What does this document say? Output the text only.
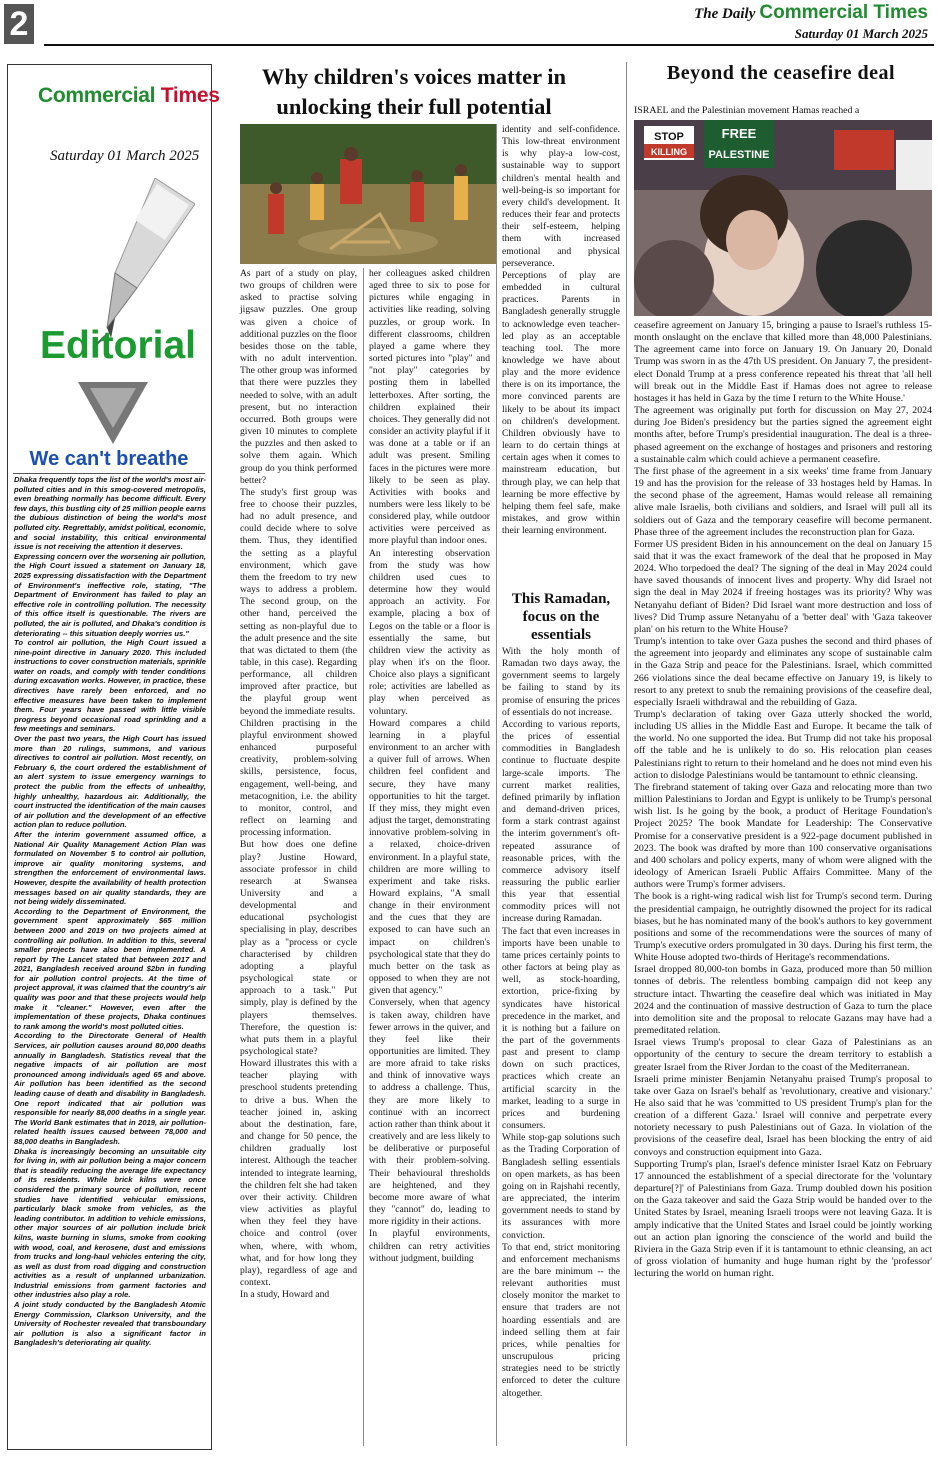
2	The Daily Commercial Times
Saturday 01 March 2025
Commercial Times
Saturday 01 March 2025
Editorial
We can't breathe

Dhaka frequently tops the list of the world's most air-polluted cities and in this smog-covered metropolis, even breathing normally has become difficult. Every few days, this bustling city of 25 million people earns the dubious distinction of being the world's most polluted city. Regrettably, amidst political, economic, and social instability, this critical environmental issue is not receiving the attention it deserves.

Expressing concern over the worsening air pollution, the High Court issued a statement on January 18, 2025 expressing dissatisfaction with the Department of Environment's ineffective role, stating, "The Department of Environment has failed to play an effective role in controlling pollution. The necessity of this office itself is questionable. The rivers are polluted, the air is polluted, and Dhaka's condition is deteriorating -- this situation deeply worries us."

To control air pollution, the High Court issued a nine-point directive in January 2020. This included instructions to cover construction materials, sprinkle water on roads, and comply with tender conditions during excavation works. However, in practice, these directives have rarely been enforced, and no effective measures have been taken to implement them. Four years have passed with little visible progress beyond occasional road sprinkling and a few meetings and seminars.

Over the past two years, the High Court has issued more than 20 rulings, summons, and various directives to control air pollution. Most recently, on February 6, the court ordered the establishment of an alert system to issue emergency warnings to protect the public from the effects of unhealthy, highly unhealthy, hazardous air. Additionally, the court instructed the identification of the main causes of air pollution and the development of an effective action plan to reduce pollution.

After the interim government assumed office, a National Air Quality Management Action Plan was formulated on November 5 to control air pollution, improve air quality monitoring systems, and strengthen the enforcement of environmental laws. However, despite the availability of health protection messages based on air quality standards, they are not being widely disseminated.

According to the Department of Environment, the government spent approximately $65 million between 2000 and 2019 on two projects aimed at controlling air pollution. In addition to this, several smaller projects have also been implemented. A report by The Lancet stated that between 2017 and 2021, Bangladesh received around $2bn in funding for air pollution control projects. At the time of project approval, it was claimed that the country's air quality was poor and that these projects would help make it "cleaner." However, even after the implementation of these projects, Dhaka continues to rank among the world's most polluted cities.

According to the Directorate General of Health Services, air pollution causes around 80,000 deaths annually in Bangladesh. Statistics reveal that the negative impacts of air pollution are most pronounced among individuals aged 65 and above. Air pollution has been identified as the second leading cause of death and disability in Bangladesh. One report indicated that air pollution was responsible for nearly 88,000 deaths in a single year. The World Bank estimates that in 2019, air pollution-related health issues caused between 78,000 and 88,000 deaths in Bangladesh.

Dhaka is increasingly becoming an unsuitable city for living in, with air pollution being a major concern that is steadily reducing the average life expectancy of its residents. While brick kilns were once considered the primary source of pollution, recent studies have identified vehicular emissions, particularly black smoke from vehicles, as the leading contributor. In addition to vehicle emissions, other major sources of air pollution include brick kilns, waste burning in slums, smoke from cooking with wood, coal, and kerosene, dust and emissions from trucks and long-haul vehicles entering the city, as well as dust from road digging and construction activities as a result of unplanned urbanization. Industrial emissions from garment factories and other industries also play a role.

A joint study conducted by the Bangladesh Atomic Energy Commission, Clarkson University, and the University of Rochester revealed that transboundary air pollution is also a significant factor in Bangladesh's deteriorating air quality.

Why children's voices matter in unlocking their full potential

As part of a study on play, two groups of children were asked to practise solving jigsaw puzzles. One group was given a choice of additional puzzles on the floor besides those on the table, with no adult intervention. The other group was informed that there were puzzles they needed to solve, with an adult present, but no interaction occurred. Both groups were given 10 minutes to complete the puzzles and then asked to solve them again. Which group do you think performed better?

The study's first group was free to choose their puzzles, had no adult presence, and could decide where to solve them. Thus, they identified the setting as a playful environment, which gave them the freedom to try new ways to address a problem. The second group, on the other hand, perceived the setting as non-playful due to the adult presence and the site that was dictated to them (the table, in this case). Regarding performance, all children improved after practice, but the playful group went beyond the immediate results.

Children practising in the playful environment showed enhanced purposeful creativity, problem-solving skills, persistence, focus, engagement, well-being, and metacognition, i.e. the ability to monitor, control, and reflect on learning and processing information.

But how does one define play? Justine Howard, associate professor in child research at Swansea University and a developmental and educational psychologist specialising in play, describes play as a "process or cycle characterised by children adopting a playful psychological state or approach to a task." Put simply, play is defined by the players themselves. Therefore, the question is: what puts them in a playful psychological state?

Howard illustrates this with a teacher playing with preschool students pretending to drive a bus. When the teacher joined in, asking about the destination, fare, and change for 50 pence, the children gradually lost interest. Although the teacher intended to integrate learning, the children felt she had taken over their activity. Children view activities as playful when they feel they have choice and control (over when, where, with whom, what, and for how long they play), regardless of age and context.

In a study, Howard and

her colleagues asked children aged three to six to pose for pictures while engaging in activities like reading, solving puzzles, or group work. In different classrooms, children played a game where they sorted pictures into "play" and "not play" categories by posting them in labelled letterboxes. After sorting, the children explained their choices. They generally did not consider an activity playful if it was done at a table or if an adult was present. Smiling faces in the pictures were more likely to be seen as play. Activities with books and numbers were less likely to be considered play, while outdoor activities were perceived as more playful than indoor ones.

An interesting observation from the study was how children used cues to determine how they would approach an activity. For example, placing a box of Legos on the table or a floor is essentially the same, but children view the activity as play when it's on the floor. Choice also plays a significant role; activities are labelled as play when perceived as voluntary.

Howard compares a child learning in a playful environment to an archer with a quiver full of arrows. When children feel confident and secure, they have many opportunities to hit the target. If they miss, they might even adjust the target, demonstrating innovative problem-solving in a relaxed, choice-driven environment. In a playful state, children are more willing to experiment and take risks. Howard explains, "A small change in their environment and the cues that they are exposed to can have such an impact on children's psychological state that they do much better on the task as opposed to when they are not given that agency."

Conversely, when that agency is taken away, children have fewer arrows in the quiver, and they feel like their opportunities are limited. They are more afraid to take risks and think of innovative ways to address a challenge. Thus, they are more likely to continue with an incorrect action rather than think about it creatively and are less likely to be deliberative or purposeful with their problem-solving. Their behavioural thresholds are heightened, and they become more aware of what they "cannot" do, leading to more rigidity in their actions.

In playful environments, children can retry activities without judgment, building

identity and self-confidence. This low-threat environment is why play-a low-cost, sustainable way to support children's mental health and well-being-is so important for every child's development. It reduces their fear and protects their self-esteem, helping them with increased emotional and physical perseverance.

Perceptions of play are embedded in cultural practices. Parents in Bangladesh generally struggle to acknowledge even teacher-led play as an acceptable teaching tool. The more knowledge we have about play and the more evidence there is on its importance, the more convinced parents are likely to be about its impact on children's development. Children obviously have to learn to do certain things at certain ages when it comes to mainstream education, but through play, we can help that learning be more effective by helping them feel safe, make mistakes, and grow within their learning environment.

This Ramadan, focus on the essentials

With the holy month of Ramadan two days away, the government seems to largely be failing to stand by its promise of ensuring the prices of essentials do not increase.

According to various reports, the prices of essential commodities in Bangladesh continue to fluctuate despite large-scale imports. The current market realities, defined primarily by inflation and demand-driven prices, form a stark contrast against the interim government's oft-repeated assurance of reasonable prices, with the commerce advisory itself reassuring the public earlier this year that essential commodity prices will not increase during Ramadan.

The fact that even increases in imports have been unable to tame prices certainly points to other factors at being play as well, as stock-hoarding, extortion, price-fixing by syndicates have historical precedence in the market, and it is nothing but a failure on the part of the governments past and present to clamp down on such practices, practices which create an artificial scarcity in the market, leading to a surge in prices and burdening consumers.

While stop-gap solutions such as the Trading Corporation of Bangladesh selling essentials on open markets, as has been going on in Rajshahi recently, are appreciated, the interim government needs to stand by its assurances with more conviction.

To that end, strict monitoring and enforcement mechanisms are the bare minimum -- the relevant authorities must closely monitor the market to ensure that traders are not hoarding essentials and are indeed selling them at fair prices, while penalties for unscrupulous pricing strategies need to be strictly enforced to deter the culture altogether.

Beyond the ceasefire deal
ISRAEL and the Palestinian movement Hamas reached a
STOP
KILLING
FREE
PALESTINE

ceasefire agreement on January 15, bringing a pause to Israel's ruthless 15-month onslaught on the enclave that killed more than 48,000 Palestinians. The agreement came into force on January 19. On January 20, Donald Trump was sworn in as the 47th US president. On January 7, the president-elect Donald Trump at a press conference repeated his threat that 'all hell will break out in the Middle East if Hamas does not agree to release hostages it has held in Gaza by the time I return to the White House.'

The agreement was originally put forth for discussion on May 27, 2024 during Joe Biden's presidency but the parties signed the agreement eight months after, before Trump's presidential inauguration. The deal is a three-phased agreement on the exchange of hostages and prisoners and restoring a sustainable calm which could achieve a permanent ceasefire.

The first phase of the agreement in a six weeks' time frame from January 19 and has the provision for the release of 33 hostages held by Hamas. In the second phase of the agreement, Hamas would release all remaining alive male Israelis, both civilians and soldiers, and Israel will pull all its soldiers out of Gaza and the temporary ceasefire will become permanent. Phase three of the agreement includes the reconstruction plan for Gaza.

Former US president Biden in his announcement on the deal on January 15 said that it was the exact framework of the deal that he proposed in May 2024. Who torpedoed the deal? The signing of the deal in May 2024 could have saved thousands of innocent lives and property. Why did Israel not sign the deal in May 2024 if freeing hostages was its priority? Why was Netanyahu defiant of Biden? Did Israel want more destruction and loss of lives? Did Trump assure Netanyahu of a 'better deal' with 'Gaza takeover plan' on his return to the White House?

Trump's intention to take over Gaza pushes the second and third phases of the agreement into jeopardy and eliminates any scope of sustainable calm in the Gaza Strip and peace for the Palestinians. Israel, which committed 266 violations since the deal became effective on January 19, is likely to resort to any pretext to snub the remaining provisions of the ceasefire deal, especially Israeli withdrawal and the rebuilding of Gaza.

Trump's declaration of taking over Gaza utterly shocked the world, including US allies in the Middle East and Europe. It became the talk of the world. No one supported the idea. But Trump did not take his proposal off the table and he is unlikely to do so. His relocation plan ceases Palestinians right to return to their homeland and he does not mind even his action to dislodge Palestinians would be tantamount to ethnic cleansing.

The firebrand statement of taking over Gaza and relocating more than two million Palestinians to Jordan and Egypt is unlikely to be Trump's personal wish list. Is he going by the book, a product of Heritage Foundation's Project 2025? The book Mandate for Leadership: The Conservative Promise for a conservative president is a 922-page document published in 2023. The book was drafted by more than 100 conservative organisations and 400 scholars and policy experts, many of whom were aligned with the ideology of American Israeli Public Affairs Committee. Many of the authors were Trump's former advisers.

The book is a right-wing radical wish list for Trump's second term. During the presidential campaign, he outrightly disowned the project for its radical biases, but he has nominated many of the book's authors to key government positions and some of the recommendations were the sources of many of Trump's executive orders promulgated in 30 days. During his first term, the White House adopted two-thirds of Heritage's recommendations.

Israel dropped 80,000-ton bombs in Gaza, produced more than 50 million tonnes of debris. The relentless bombing campaign did not keep any structure intact. Thwarting the ceasefire deal which was initiated in May 2024 and the continuation of massive destruction of Gaza to turn the place into demolition site and the proposal to relocate Gazans may have had a premeditated relation.

Israel views Trump's proposal to clear Gaza of Palestinians as an opportunity of the century to secure the dream territory to establish a greater Israel from the River Jordan to the coast of the Mediterranean.

Israeli prime minister Benjamin Netanyahu praised Trump's proposal to take over Gaza on Israel's behalf as 'revolutionary, creative and visionary.' He also said that he was 'committed to US president Trump's plan for the creation of a different Gaza.' Israel will connive and perpetrate every notoriety necessary to push Palestinians out of Gaza. In violation of the provisions of the ceasefire deal, Israel has been blocking the entry of aid convoys and construction equipment into Gaza.

Supporting Trump's plan, Israel's defence minister Israel Katz on February 17 announced the establishment of a special directorate for the 'voluntary departure[?]' of Palestinians from Gaza. Trump doubled down his position on the Gaza takeover and said the Gaza Strip would be handed over to the United States by Israel, meaning Israeli troops were not leaving Gaza. It is amply indicative that the United States and Israel could be jointly working out an action plan ignoring the conscience of the world and build the Riviera in the Gaza Strip even if it is tantamount to ethnic cleansing, an act of gross violation of humanity and huge human right by the 'professor' lecturing the world on human right.
